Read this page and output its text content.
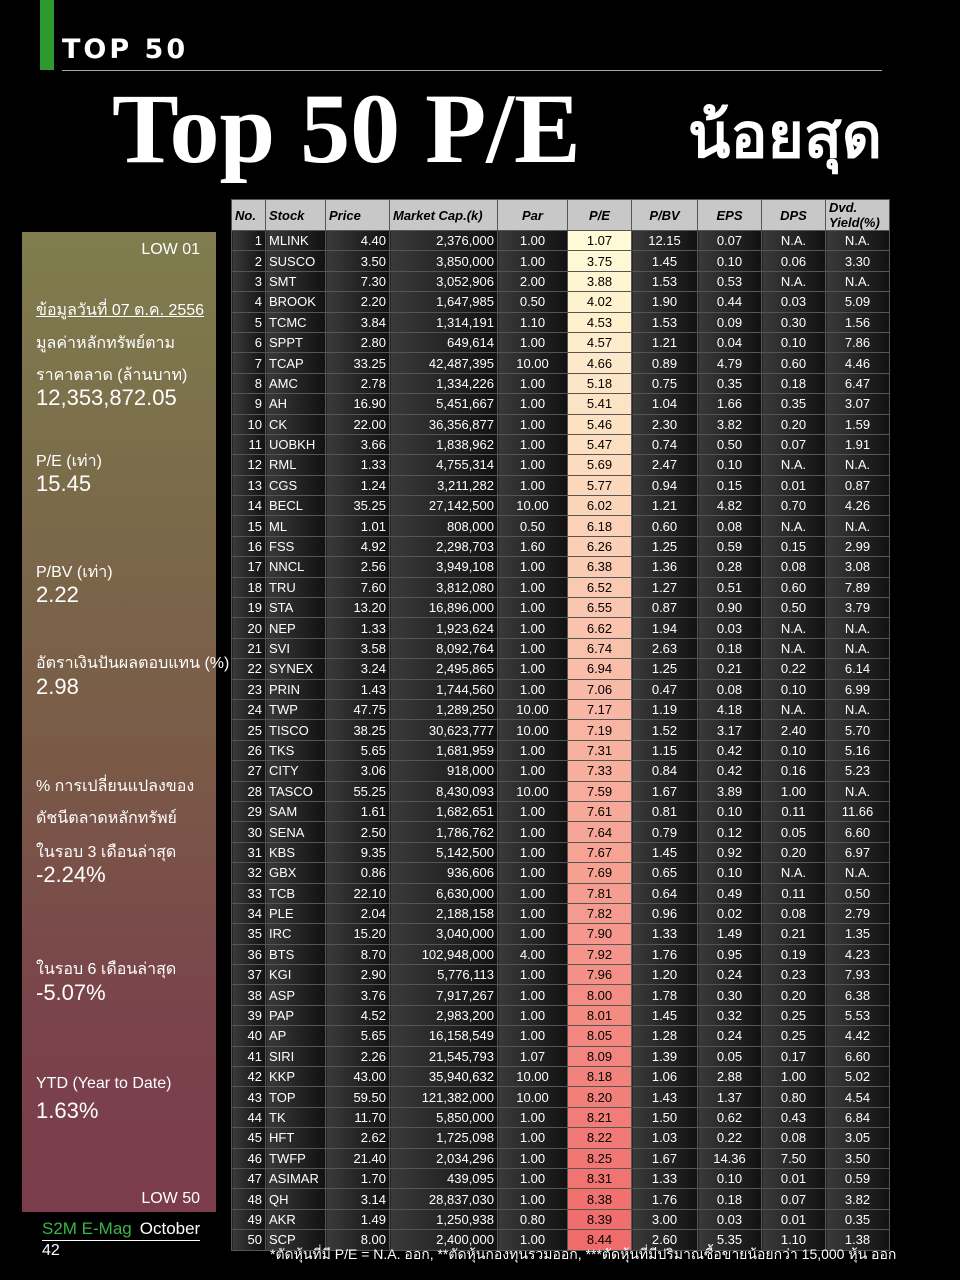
TOP 50
Top 50 P/E น้อยสุด
LOW 01
ข้อมูลวันที่ 07 ต.ค. 2556
มูลค่าหลักทรัพย์ตาม
ราคาตลาด (ล้านบาท)
12,353,872.05
P/E (เท่า)
15.45
P/BV (เท่า)
2.22
อัตราเงินปันผลตอบแทน (%)
2.98
% การเปลี่ยนแปลงของ
ดัชนีตลาดหลักทรัพย์
ในรอบ 3 เดือนล่าสุด
-2.24%
ในรอบ 6 เดือนล่าสุด
-5.07%
YTD (Year to Date)
1.63%
LOW 50
No.	Stock	Price	Market Cap.(k)	Par	P/E	P/BV	EPS	DPS	Dvd. Yield(%)
1	MLINK	4.40	2,376,000	1.00	1.07	12.15	0.07	N.A.	N.A.
2	SUSCO	3.50	3,850,000	1.00	3.75	1.45	0.10	0.06	3.30
3	SMT	7.30	3,052,906	2.00	3.88	1.53	0.53	N.A.	N.A.
4	BROOK	2.20	1,647,985	0.50	4.02	1.90	0.44	0.03	5.09
5	TCMC	3.84	1,314,191	1.10	4.53	1.53	0.09	0.30	1.56
6	SPPT	2.80	649,614	1.00	4.57	1.21	0.04	0.10	7.86
7	TCAP	33.25	42,487,395	10.00	4.66	0.89	4.79	0.60	4.46
8	AMC	2.78	1,334,226	1.00	5.18	0.75	0.35	0.18	6.47
9	AH	16.90	5,451,667	1.00	5.41	1.04	1.66	0.35	3.07
10	CK	22.00	36,356,877	1.00	5.46	2.30	3.82	0.20	1.59
11	UOBKH	3.66	1,838,962	1.00	5.47	0.74	0.50	0.07	1.91
12	RML	1.33	4,755,314	1.00	5.69	2.47	0.10	N.A.	N.A.
13	CGS	1.24	3,211,282	1.00	5.77	0.94	0.15	0.01	0.87
14	BECL	35.25	27,142,500	10.00	6.02	1.21	4.82	0.70	4.26
15	ML	1.01	808,000	0.50	6.18	0.60	0.08	N.A.	N.A.
16	FSS	4.92	2,298,703	1.60	6.26	1.25	0.59	0.15	2.99
17	NNCL	2.56	3,949,108	1.00	6.38	1.36	0.28	0.08	3.08
18	TRU	7.60	3,812,080	1.00	6.52	1.27	0.51	0.60	7.89
19	STA	13.20	16,896,000	1.00	6.55	0.87	0.90	0.50	3.79
20	NEP	1.33	1,923,624	1.00	6.62	1.94	0.03	N.A.	N.A.
21	SVI	3.58	8,092,764	1.00	6.74	2.63	0.18	N.A.	N.A.
22	SYNEX	3.24	2,495,865	1.00	6.94	1.25	0.21	0.22	6.14
23	PRIN	1.43	1,744,560	1.00	7.06	0.47	0.08	0.10	6.99
24	TWP	47.75	1,289,250	10.00	7.17	1.19	4.18	N.A.	N.A.
25	TISCO	38.25	30,623,777	10.00	7.19	1.52	3.17	2.40	5.70
26	TKS	5.65	1,681,959	1.00	7.31	1.15	0.42	0.10	5.16
27	CITY	3.06	918,000	1.00	7.33	0.84	0.42	0.16	5.23
28	TASCO	55.25	8,430,093	10.00	7.59	1.67	3.89	1.00	N.A.
29	SAM	1.61	1,682,651	1.00	7.61	0.81	0.10	0.11	11.66
30	SENA	2.50	1,786,762	1.00	7.64	0.79	0.12	0.05	6.60
31	KBS	9.35	5,142,500	1.00	7.67	1.45	0.92	0.20	6.97
32	GBX	0.86	936,606	1.00	7.69	0.65	0.10	N.A.	N.A.
33	TCB	22.10	6,630,000	1.00	7.81	0.64	0.49	0.11	0.50
34	PLE	2.04	2,188,158	1.00	7.82	0.96	0.02	0.08	2.79
35	IRC	15.20	3,040,000	1.00	7.90	1.33	1.49	0.21	1.35
36	BTS	8.70	102,948,000	4.00	7.92	1.76	0.95	0.19	4.23
37	KGI	2.90	5,776,113	1.00	7.96	1.20	0.24	0.23	7.93
38	ASP	3.76	7,917,267	1.00	8.00	1.78	0.30	0.20	6.38
39	PAP	4.52	2,983,200	1.00	8.01	1.45	0.32	0.25	5.53
40	AP	5.65	16,158,549	1.00	8.05	1.28	0.24	0.25	4.42
41	SIRI	2.26	21,545,793	1.07	8.09	1.39	0.05	0.17	6.60
42	KKP	43.00	35,940,632	10.00	8.18	1.06	2.88	1.00	5.02
43	TOP	59.50	121,382,000	10.00	8.20	1.43	1.37	0.80	4.54
44	TK	11.70	5,850,000	1.00	8.21	1.50	0.62	0.43	6.84
45	HFT	2.62	1,725,098	1.00	8.22	1.03	0.22	0.08	3.05
46	TWFP	21.40	2,034,296	1.00	8.25	1.67	14.36	7.50	3.50
47	ASIMAR	1.70	439,095	1.00	8.31	1.33	0.10	0.01	0.59
48	QH	3.14	28,837,030	1.00	8.38	1.76	0.18	0.07	3.82
49	AKR	1.49	1,250,938	0.80	8.39	3.00	0.03	0.01	0.35
50	SCP	8.00	2,400,000	1.00	8.44	2.60	5.35	1.10	1.38
S2M E-Mag October
42	*ตัดหุ้นที่มี P/E = N.A. ออก, **ตัดหุ้นกองทุนรวมออก, ***ตัดหุ้นที่มีปริมาณซื้อขายน้อยกว่า 15,000 หุ้น ออก
